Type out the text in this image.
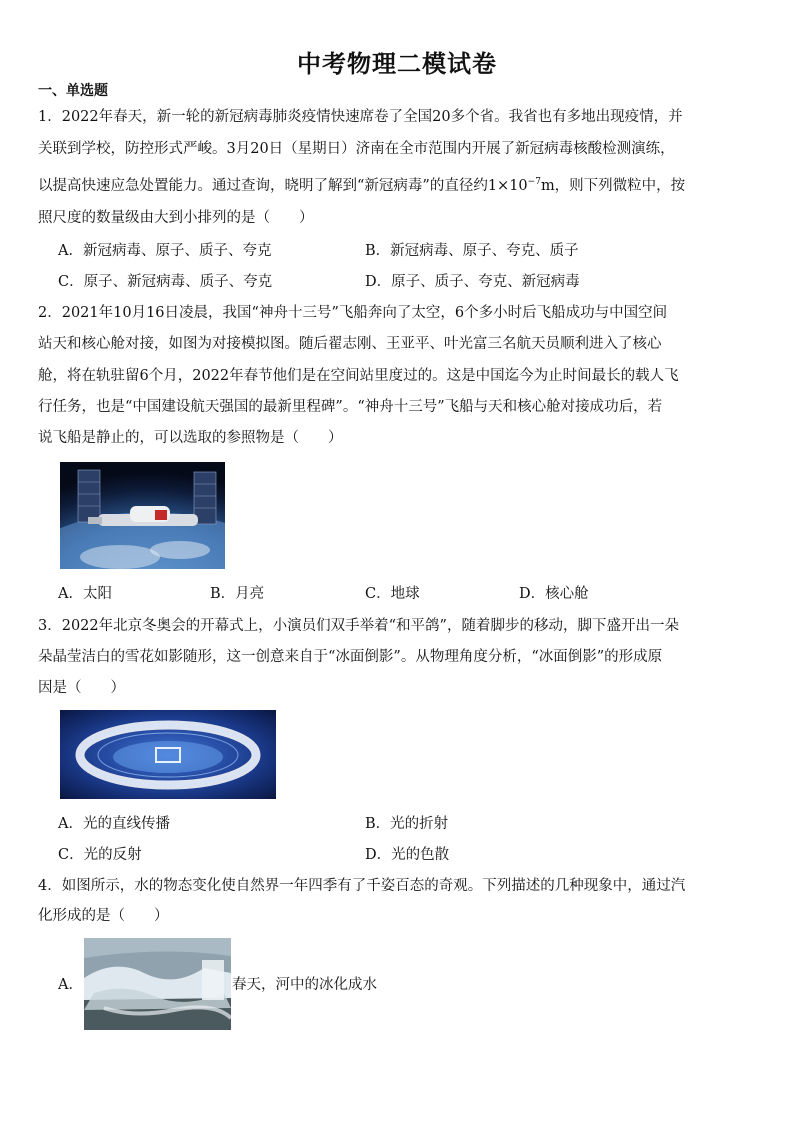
中考物理二模试卷
一、单选题
1．2022年春天，新一轮的新冠病毒肺炎疫情快速席卷了全国20多个省。我省也有多地出现疫情，并
关联到学校，防控形式严峻。3月20日（星期日）济南在全市范围内开展了新冠病毒核酸检测演练，
以提高快速应急处置能力。通过查询，晓明了解到“新冠病毒”的直径约$1\times 10^{-7}m$，则下列微粒中，按
照尺度的数量级由大到小排列的是（　　）
A．新冠病毒、原子、质子、夸克	B．新冠病毒、原子、夸克、质子
C．原子、新冠病毒、质子、夸克	D．原子、质子、夸克、新冠病毒
2．2021年10月16日凌晨，我国“神舟十三号”飞船奔向了太空，6个多小时后飞船成功与中国空间
站天和核心舱对接，如图为对接模拟图。随后翟志刚、王亚平、叶光富三名航天员顺利进入了核心
舱，将在轨驻留6个月，2022年春节他们是在空间站里度过的。这是中国迄今为止时间最长的载人飞
行任务，也是“中国建设航天强国的最新里程碑”。“神舟十三号”飞船与天和核心舱对接成功后，若
说飞船是静止的，可以选取的参照物是（　　）
A．太阳	B．月亮	C．地球	D．核心舱
3．2022年北京冬奥会的开幕式上，小演员们双手举着“和平鸽”，随着脚步的移动，脚下盛开出一朵
朵晶莹洁白的雪花如影随形，这一创意来自于“冰面倒影”。从物理角度分析，“冰面倒影”的形成原
因是（　　）
A．光的直线传播	B．光的折射
C．光的反射	D．光的色散
4．如图所示，水的物态变化使自然界一年四季有了千姿百态的奇观。下列描述的几种现象中，通过汽
化形成的是（　　）
A．	春天，河中的冰化成水
